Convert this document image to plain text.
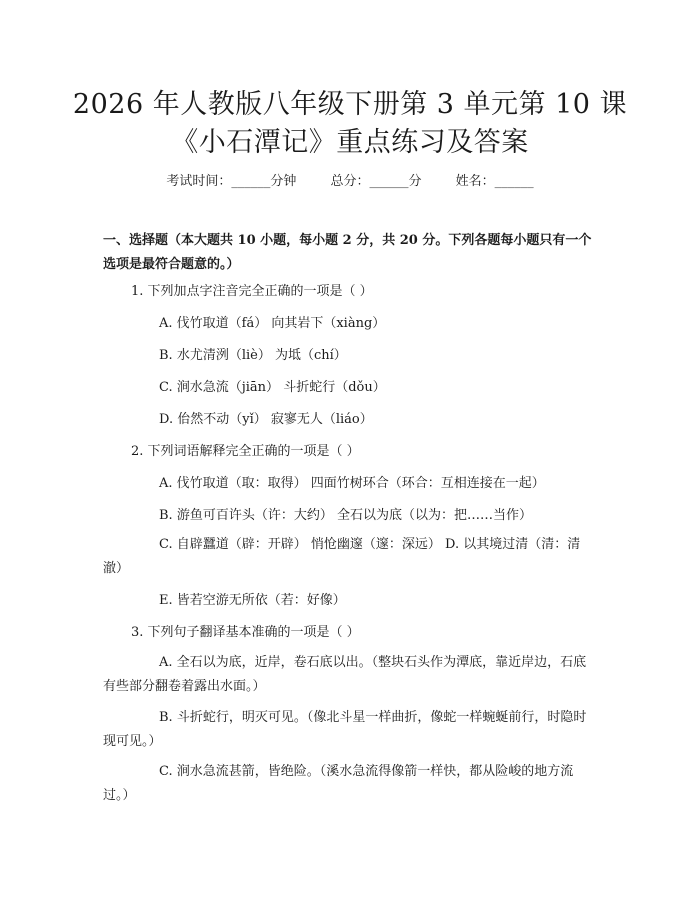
2026 年人教版八年级下册第 3 单元第 10 课
《小石潭记》重点练习及答案
考试时间：______分钟	总分：______分	姓名：______
一、选择题（本大题共 10 小题，每小题 2 分，共 20 分。下列各题每小题只有一个选项是最符合题意的。）
1. 下列加点字注音完全正确的一项是（ ）
A. 伐竹取道（fá） 向其岩下（xiàng）
B. 水尤清洌（liè） 为坻（chí）
C. 涧水急流（jiān） 斗折蛇行（dǒu）
D. 佁然不动（yǐ） 寂寥无人（liáo）
2. 下列词语解释完全正确的一项是（ ）
A. 伐竹取道（取：取得） 四面竹树环合（环合：互相连接在一起）
B. 游鱼可百许头（许：大约） 全石以为底（以为：把……当作）
C. 自辟蠶道（辟：开辟） 悄怆幽邃（邃：深远） D. 以其境过清（清：清澈）
E. 皆若空游无所依（若：好像）
3. 下列句子翻译基本准确的一项是（ ）
A. 全石以为底，近岸，卷石底以出。（整块石头作为潭底，靠近岸边，石底有些部分翻卷着露出水面。）
B. 斗折蛇行，明灭可见。（像北斗星一样曲折，像蛇一样蜿蜒前行，时隐时现可见。）
C. 涧水急流甚箭，皆绝险。（溪水急流得像箭一样快，都从险峻的地方流过。）
